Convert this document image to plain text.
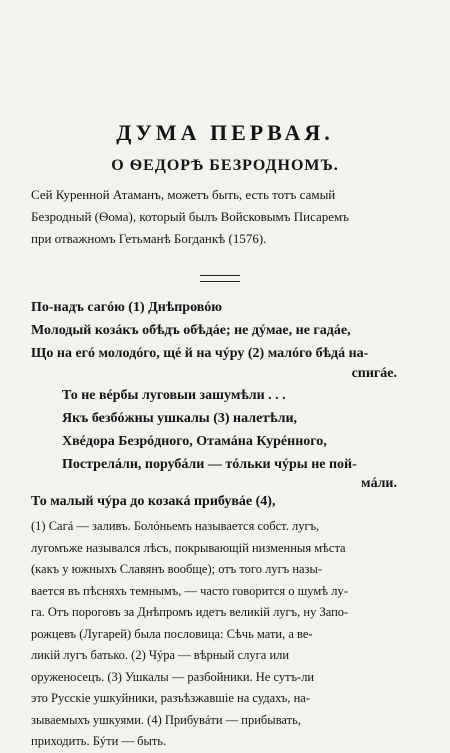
ДУМА ПЕРВАЯ.
О ѲЕДОРѢ БЕЗРОДНОМЪ.
Сей Куренной Атаманъ, можетъ быть, есть тотъ самый
Безродный (Ѳома), который былъ Войсковымъ Писаремъ
при отважномъ Гетьманѣ Богданкѣ (1576).
По-надъ сагóю (1) Днѣпровóю
Молодый козáкъ обѣдъ обѣдáе; не дýмае, не гадáе,
Що на егó молодóго, щé й на чýру (2) малóго бѣдá на-
спигáе.
То не вéрбы луговыи зашумѣли . . .
Якъ безбóжны ушкалы (3) налетѣли,
Хвéдора Безрóдного, Отамáна Курéнного,
Пострелáли, порубáли — тóльки чýры не пой-
мáли.
То малый чýра до козакá прибувáе (4),
(1) Сагá — заливъ. Болóньемъ называется собст. лугъ,
лугомъже назывался лѣсъ, покрывающій низменныя мѣста
(какъ у южныхъ Славянъ вообще); отъ того лугъ назы-
вается въ пѣсняхъ темнымъ, — часто говорится о шумѣ лу-
га. Отъ пороговъ за Днѣпромъ идетъ великій лугъ, ну Запо-
рожцевъ (Лугарей) была пословица: Сѣчь мати, а ве-
ликій лугъ батько. (2) Чýра — вѣрный слуга или
оруженосецъ. (3) Ушкалы — разбойники. Не сутъ-ли
это Русскіе ушкуйники, разъѣзжавшіе на судахъ, на-
зываемыхъ ушкуями. (4) Прибувáти — прибывать,
приходить. Бýти — быть.
